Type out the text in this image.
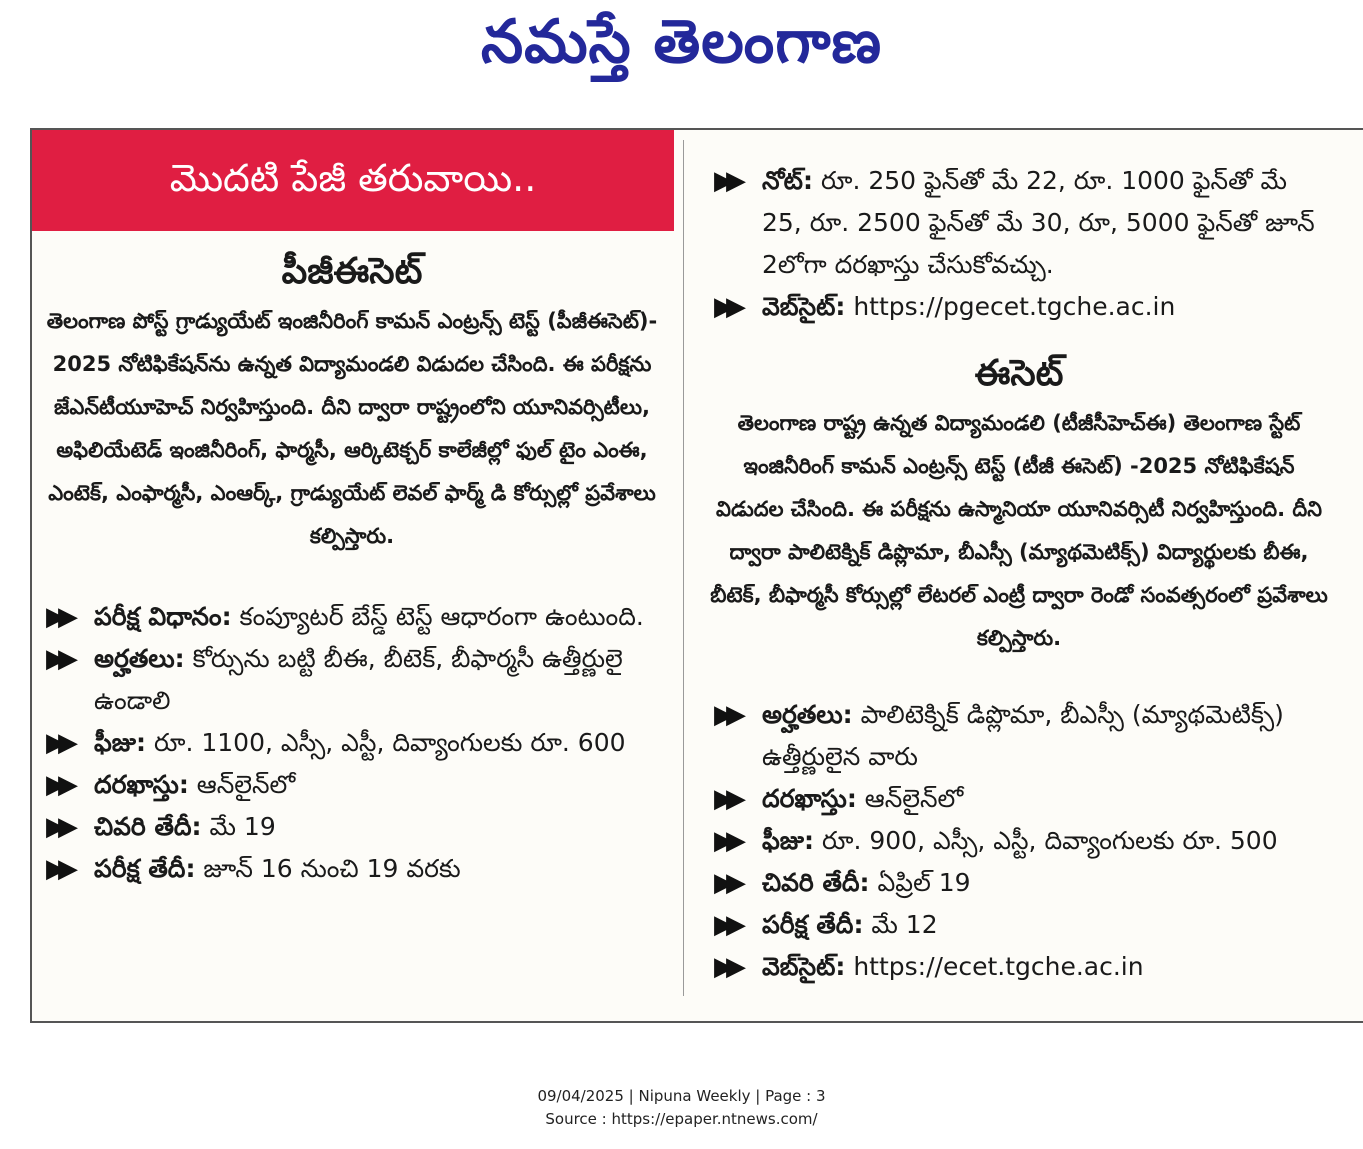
నమస్తే తెలంగాణ
మొదటి పేజీ తరువాయి..
పీజీఈసెట్

తెలంగాణ పోస్ట్ గ్రాడ్యుయేట్ ఇంజినీరింగ్ కామన్ ఎంట్రన్స్ టెస్ట్ (పీజీఈసెట్)- 2025 నోటిఫికేషన్‌ను ఉన్నత విద్యామండలి విడుదల చేసింది. ఈ పరీక్షను జేఎన్‌టీయూహెచ్ నిర్వహిస్తుంది. దీని ద్వారా రాష్ట్రంలోని యూనివర్సిటీలు, అఫిలియేటెడ్ ఇంజినీరింగ్, ఫార్మసీ, ఆర్కిటెక్చర్ కాలేజీల్లో ఫుల్ టైం ఎంఈ, ఎంటెక్, ఎంఫార్మసీ, ఎంఆర్క్, గ్రాడ్యుయేట్ లెవల్ ఫార్మ్ డి కోర్సుల్లో ప్రవేశాలు కల్పిస్తారు.

▶▶ పరీక్ష విధానం: కంప్యూటర్ బేస్డ్ టెస్ట్ ఆధారంగా ఉంటుంది.
▶▶ అర్హతలు: కోర్సును బట్టి బీఈ, బీటెక్, బీఫార్మసీ ఉత్తీర్ణులై ఉండాలి
▶▶ ఫీజు: రూ. 1100, ఎస్సీ, ఎస్టీ, దివ్యాంగులకు రూ. 600
▶▶ దరఖాస్తు: ఆన్‌లైన్‌లో
▶▶ చివరి తేదీ: మే 19
▶▶ పరీక్ష తేదీ: జూన్ 16 నుంచి 19 వరకు
▶▶ నోట్: రూ. 250 ఫైన్‌తో మే 22, రూ. 1000 ఫైన్‌తో మే 25, రూ. 2500 ఫైన్‌తో మే 30, రూ, 5000 ఫైన్‌తో జూన్ 2లోగా దరఖాస్తు చేసుకోవచ్చు.
▶▶ వెబ్‌సైట్: https://pgecet.tgche.ac.in
ఈసెట్

తెలంగాణ రాష్ట్ర ఉన్నత విద్యామండలి (టీజీసీహెచ్ఈ) తెలంగాణ స్టేట్ ఇంజినీరింగ్ కామన్ ఎంట్రన్స్ టెస్ట్ (టీజీ ఈసెట్) -2025 నోటిఫికేషన్ విడుదల చేసింది. ఈ పరీక్షను ఉస్మానియా యూనివర్సిటీ నిర్వహిస్తుంది. దీని ద్వారా పాలిటెక్నిక్ డిప్లొమా, బీఎస్సీ (మ్యాథమెటిక్స్) విద్యార్థులకు బీఈ, బీటెక్, బీఫార్మసీ కోర్సుల్లో లేటరల్ ఎంట్రీ ద్వారా రెండో సంవత్సరంలో ప్రవేశాలు కల్పిస్తారు.

▶▶ అర్హతలు: పాలిటెక్నిక్ డిప్లొమా, బీఎస్సీ (మ్యాథమెటిక్స్) ఉత్తీర్ణులైన వారు
▶▶ దరఖాస్తు: ఆన్‌లైన్‌లో
▶▶ ఫీజు: రూ. 900, ఎస్సీ, ఎస్టీ, దివ్యాంగులకు రూ. 500
▶▶ చివరి తేదీ: ఏప్రిల్ 19
▶▶ పరీక్ష తేదీ: మే 12
▶▶ వెబ్‌సైట్: https://ecet.tgche.ac.in
09/04/2025 | Nipuna Weekly | Page : 3
Source : https://epaper.ntnews.com/
